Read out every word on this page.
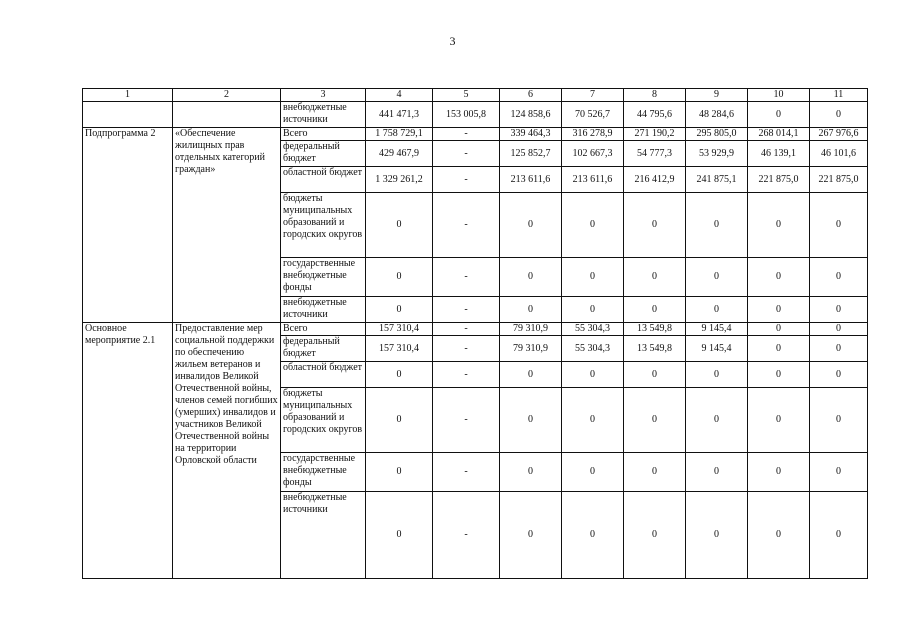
3
1	2	3	4	5	6	7	8	9	10	11
		внебюджетные источники	441 471,3	153 005,8	124 858,6	70 526,7	44 795,6	48 284,6	0	0
Подпрограмма 2	«Обеспечение жилищных прав отдельных категорий граждан»	Всего	1 758 729,1	-	339 464,3	316 278,9	271 190,2	295 805,0	268 014,1	267 976,6
		федеральный бюджет	429 467,9	-	125 852,7	102 667,3	54 777,3	53 929,9	46 139,1	46 101,6
		областной бюджет	1 329 261,2	-	213 611,6	213 611,6	216 412,9	241 875,1	221 875,0	221 875,0
		бюджеты муниципальных образований и городских округов	0	-	0	0	0	0	0	0
		государственные внебюджетные фонды	0	-	0	0	0	0	0	0
		внебюджетные источники	0	-	0	0	0	0	0	0
Основное мероприятие 2.1	Предоставление мер социальной поддержки по обеспечению жильем ветеранов и инвалидов Великой Отечественной войны, членов семей погибших (умерших) инвалидов и участников Великой Отечественной войны на территории Орловской области	Всего	157 310,4	-	79 310,9	55 304,3	13 549,8	9 145,4	0	0
		федеральный бюджет	157 310,4	-	79 310,9	55 304,3	13 549,8	9 145,4	0	0
		областной бюджет	0	-	0	0	0	0	0	0
		бюджеты муниципальных образований и городских округов	0	-	0	0	0	0	0	0
		государственные внебюджетные фонды	0	-	0	0	0	0	0	0
		внебюджетные источники	0	-	0	0	0	0	0	0
